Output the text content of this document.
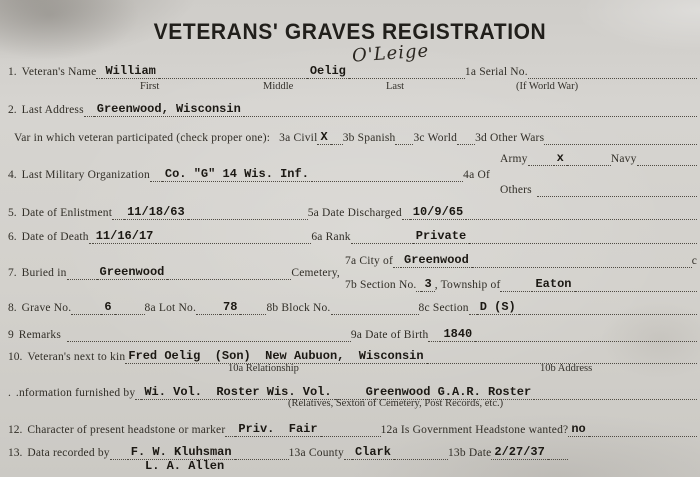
VETERANS' GRAVES REGISTRATION
O'Leige
1. Veteran's Name William	Oelig	1a Serial No.
First	Middle	Last	(If World War)
2. Last Address Greenwood, Wisconsin
Var in which veteran participated (check proper one): 3a Civil X 3b Spanish 3c World 3d Other Wars
Army x	Navy
4. Last Military Organization Co. "G" 14 Wis. Inf.	4a Of
Others
5. Date of Enlistment 11/18/63	5a Date Discharged 10/9/65
6. Date of Death 11/16/17	6a Rank	Private
7a City of Greenwood	c
7. Buried in	Greenwood	Cemetery,
7b Section No. 3 , Township of	Eaton
8. Grave No.	6	8a Lot No. 78	8b Block No.	8c Section D (S)
9 Remarks	9a Date of Birth 1840
10. Veteran's next to kin Fred Oelig  (Son)  New Aubuon,  Wisconsin
10a Relationship	10b Address
. .nformation furnished by Wi. Vol.  Roster Wis. Vol.	Greenwood G.A.R. Roster
(Relatives, Sexton of Cemetery, Post Records, etc.)
12. Character of present headstone or marker Priv.  Fair	12a Is Government Headstone wanted? no
13. Data recorded by F. W. Kluhsman	13a County Clark	13b Date 2/27/37
L. A. Allen
